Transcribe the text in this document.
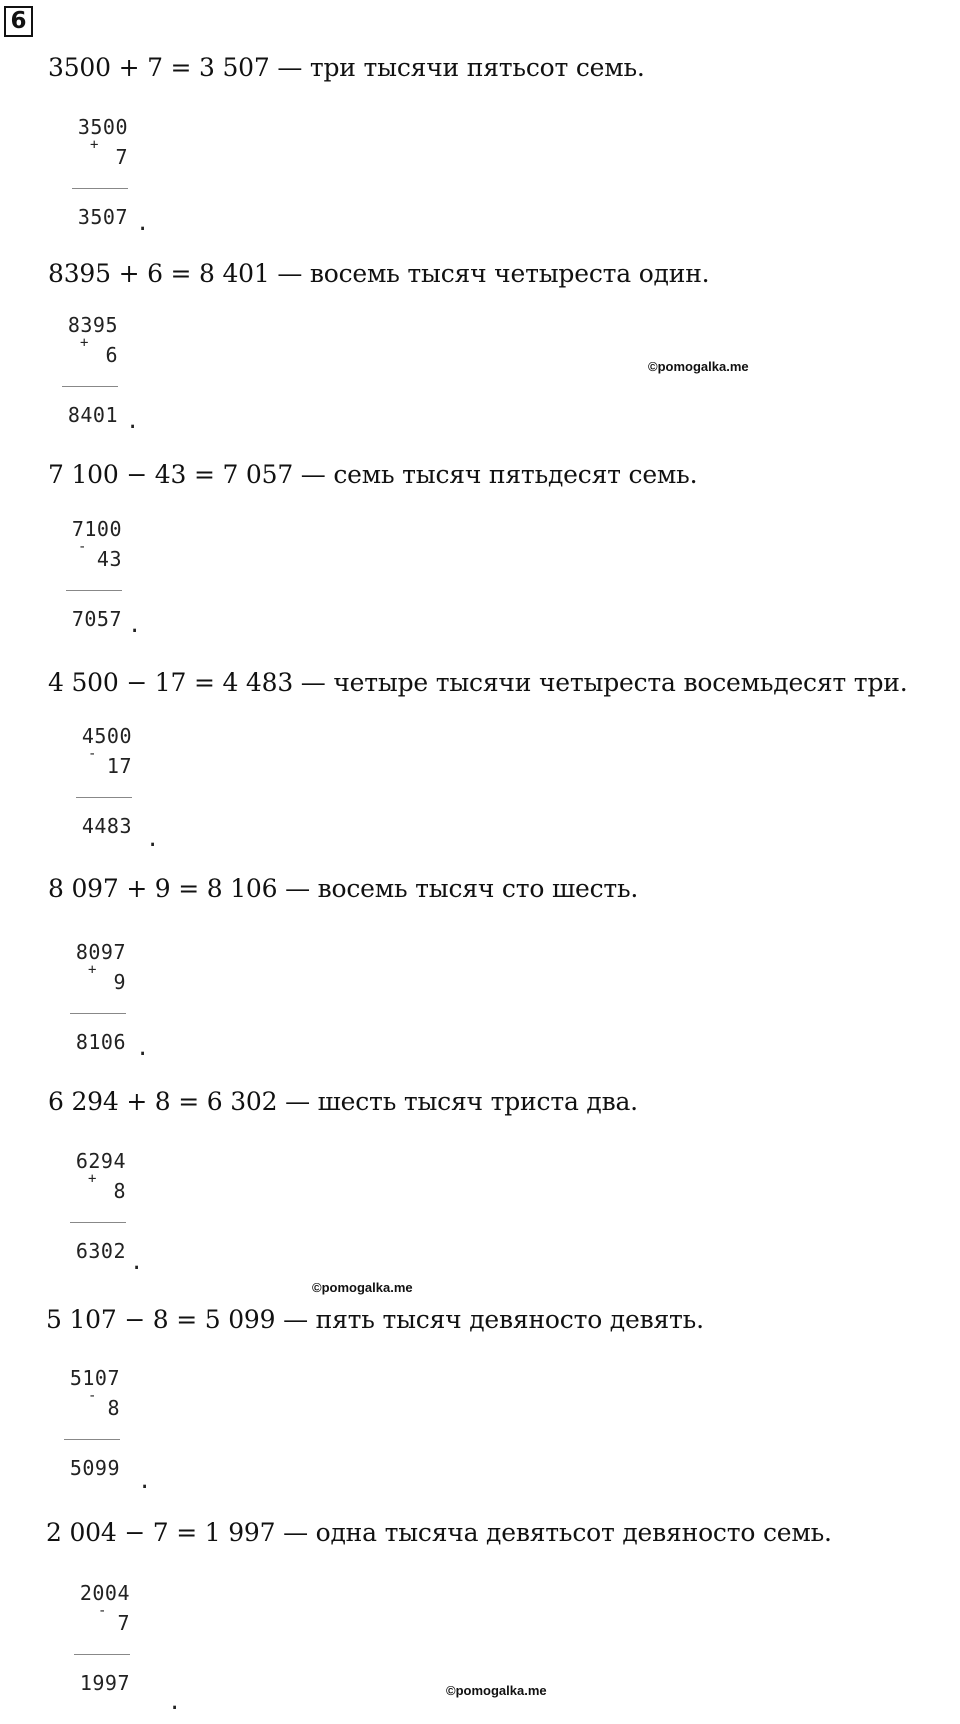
6

3500 + 7 = 3 507 — три тысячи пятьсот семь.

3500
+ 7
3507 .

8395 + 6 = 8 401 — восемь тысяч четыреста один.

8395
+ 6
8401 .
©pomogalka.me

7 100 − 43 = 7 057 — семь тысяч пятьдесят семь.

7100
- 43
7057 .

4 500 − 17 = 4 483 — четыре тысячи четыреста восемьдесят три.

4500
- 17
4483
.

8 097 + 9 = 8 106 — восемь тысяч сто шесть.

8097
+ 9
8106 .

6 294 + 8 = 6 302 — шесть тысяч триста два.

6294
+ 8
6302 .
©pomogalka.me

5 107 − 8 = 5 099 — пять тысяч девяносто девять.

5107
- 8
5099
.

2 004 − 7 = 1 997 — одна тысяча девятьсот девяносто семь.

2004
- 7
1997
.	©pomogalka.me
